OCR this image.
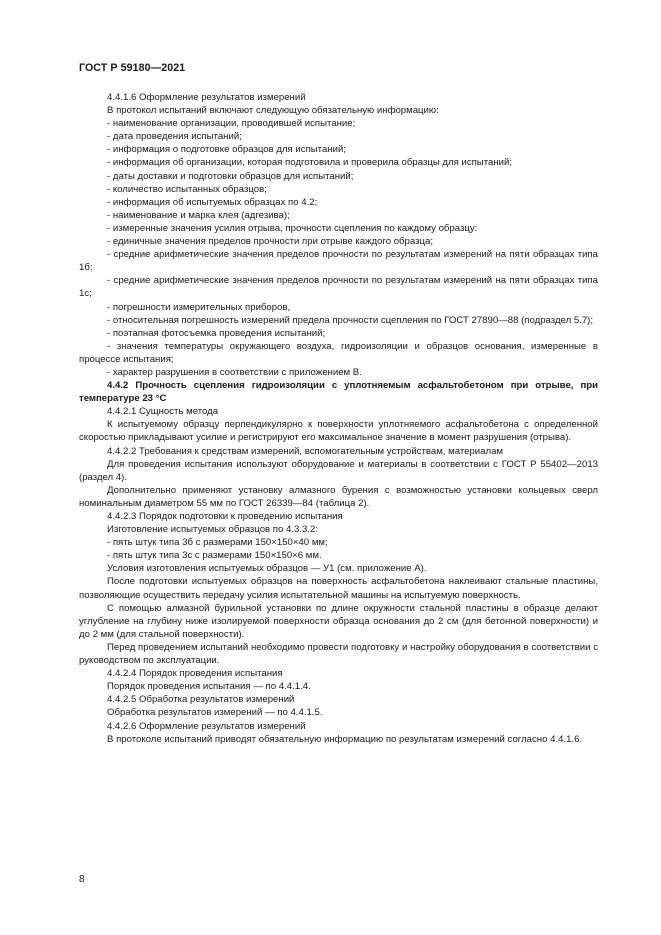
ГОСТ Р 59180—2021

4.4.1.6 Оформление результатов измерений

В протокол испытаний включают следующую обязательную информацию:

- наименование организации, проводившей испытание;

- дата проведения испытаний;

- информация о подготовке образцов для испытаний;

- информация об организации, которая подготовила и проверила образцы для испытаний;

- даты доставки и подготовки образцов для испытаний;

- количество испытанных образцов;

- информация об испытуемых образцах по 4.2;

- наименование и марка клея (адгезива);

- измеренные значения усилия отрыва, прочности сцепления по каждому образцу:

- единичные значения пределов прочности при отрыве каждого образца;

- средние арифметические значения пределов прочности по результатам измерений на пяти образцах типа 1б;

- средние арифметические значения пределов прочности по результатам измерений на пяти образцах типа 1с;

- погрешности измерительных приборов,

- относительная погрешность измерений предела прочности сцепления по ГОСТ 27890—88 (подраздел 5.7);

- поэтапная фотосъемка проведения испытаний;

- значения температуры окружающего воздуха, гидроизоляции и образцов основания, измеренные в процессе испытания;

- характер разрушения в соответствии с приложением В.

4.4.2 Прочность сцепления гидроизоляции с уплотняемым асфальтобетоном при отрыве, при температуре 23 °С

4.4.2.1 Сущность метода

К испытуемому образцу перпендикулярно к поверхности уплотняемого асфальтобетона с определенной скоростью прикладывают усилие и регистрируют его максимальное значение в момент разрушения (отрыва).

4.4.2.2 Требования к средствам измерений, вспомогательным устройствам, материалам

Для проведения испытания используют оборудование и материалы в соответствии с ГОСТ Р 55402—2013 (раздел 4).

Дополнительно применяют установку алмазного бурения с возможностью установки кольцевых сверл номинальным диаметром 55 мм по ГОСТ 26339—84 (таблица 2).

4.4.2.3 Порядок подготовки к проведению испытания

Изготовление испытуемых образцов по 4.3.3.2:

- пять штук типа 3б с размерами 150×150×40 мм;

- пять штук типа 3с с размерами 150×150×6 мм.

Условия изготовления испытуемых образцов — У1 (см. приложение А).

После подготовки испытуемых образцов на поверхность асфальтобетона наклеивают стальные пластины, позволяющие осуществить передачу усилия испытательной машины на испытуемую поверхность.

С помощью алмазной бурильной установки по длине окружности стальной пластины в образце делают углубление на глубину ниже изолируемой поверхности образца основания до 2 см (для бетонной поверхности) и до 2 мм (для стальной поверхности).

Перед проведением испытаний необходимо провести подготовку и настройку оборудования в соответствии с руководством по эксплуатации.

4.4.2.4 Порядок проведения испытания

Порядок проведения испытания — по 4.4.1.4.

4.4.2.5 Обработка результатов измерений

Обработка результатов измерений — по 4.4.1.5.

4.4.2.6 Оформление результатов измерений

В протоколе испытаний приводят обязательную информацию по результатам измерений согласно 4.4.1.6.

8
